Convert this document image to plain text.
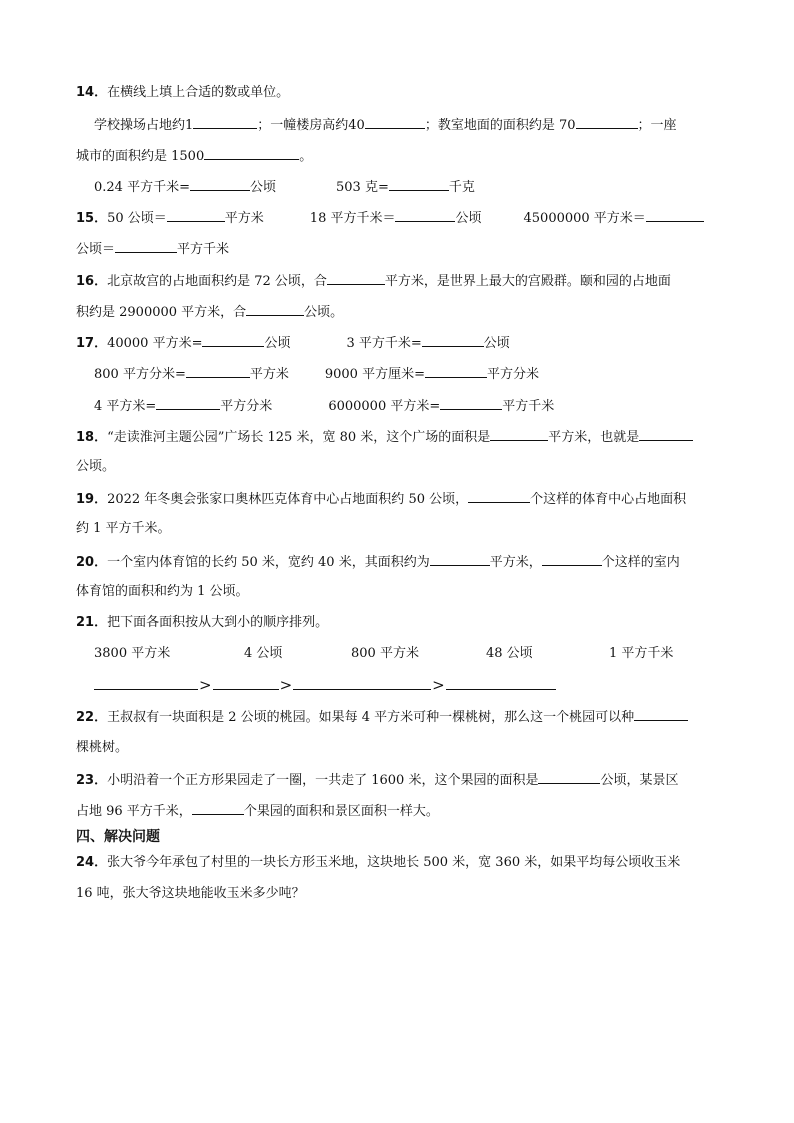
14．在横线上填上合适的数或单位。
学校操场占地约1	；一幢楼房高约40	；教室地面的面积约是 70	；一座
城市的面积约是 1500	。
0.24 平方千米=	公顷	503 克=	千克
15．50 公顷＝	平方米	18 平方千米＝	公顷	45000000 平方米＝
公顷＝	平方千米
16．北京故宫的占地面积约是 72 公顷，合	平方米，是世界上最大的宫殿群。颐和园的占地面
积约是 2900000 平方米，合	公顷。
17．40000 平方米=	公顷	3 平方千米=	公顷
800 平方分米=	平方米	9000 平方厘米=	平方分米
4 平方米=	平方分米	6000000 平方米=	平方千米
18．“走读淮河主题公园”广场长 125 米，宽 80 米，这个广场的面积是	平方米，也就是
公顷。
19．2022 年冬奥会张家口奥林匹克体育中心占地面积约 50 公顷，	个这样的体育中心占地面积
约 1 平方千米。
20．一个室内体育馆的长约 50 米，宽约 40 米，其面积约为	平方米，	个这样的室内
体育馆的面积和约为 1 公顷。
21．把下面各面积按从大到小的顺序排列。
3800 平方米	4 公顷	800 平方米	48 公顷	1 平方千米
>	>	>
22．王叔叔有一块面积是 2 公顷的桃园。如果每 4 平方米可种一棵桃树，那么这一个桃园可以种
棵桃树。
23．小明沿着一个正方形果园走了一圈，一共走了 1600 米，这个果园的面积是	公顷，某景区
占地 96 平方千米，	个果园的面积和景区面积一样大。
四、解决问题
24．张大爷今年承包了村里的一块长方形玉米地，这块地长 500 米，宽 360 米，如果平均每公顷收玉米
16 吨，张大爷这块地能收玉米多少吨？
